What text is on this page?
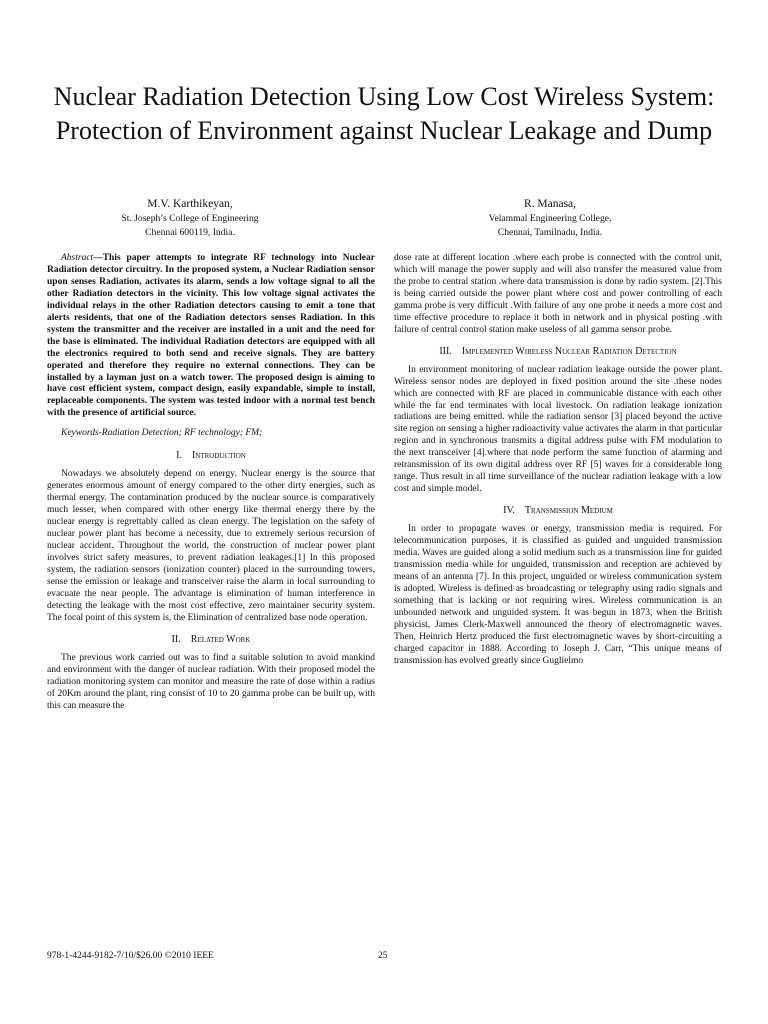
Nuclear Radiation Detection Using Low Cost Wireless System: Protection of Environment against Nuclear Leakage and Dump
M.V. Karthikeyan,
St. Joseph’s College of Engineering
Chennai 600119, India.
R. Manasa,
Velammal Engineering College,
Chennai, Tamilnadu, India.

Abstract—This paper attempts to integrate RF technology into Nuclear Radiation detector circuitry. In the proposed system, a Nuclear Radiation sensor upon senses Radiation, activates its alarm, sends a low voltage signal to all the other Radiation detectors in the vicinity. This low voltage signal activates the individual relays in the other Radiation detectors causing to emit a tone that alerts residents, that one of the Radiation detectors senses Radiation. In this system the transmitter and the receiver are installed in a unit and the need for the base is eliminated. The individual Radiation detectors are equipped with all the electronics required to both send and receive signals. They are battery operated and therefore they require no external connections. They can be installed by a layman just on a watch tower. The proposed design is aiming to have cost efficient system, compact design, easily expandable, simple to install, replaceable components. The system was tested indoor with a normal test bench with the presence of artificial source.

Keywords-Radiation Detection; RF technology; FM;

I. Introduction

Nowadays we absolutely depend on energy. Nuclear energy is the source that generates enormous amount of energy compared to the other dirty energies, such as thermal energy. The contamination produced by the nuclear source is comparatively much lesser, when compared with other energy like thermal energy there by the nuclear energy is regrettably called as clean energy. The legislation on the safety of nuclear power plant has become a necessity, due to extremely serious recursion of nuclear accident. Throughout the world, the construction of nuclear power plant involves strict safety measures, to prevent radiation leakages.[1] In this proposed system, the radiation sensors (ionization counter) placed in the surrounding towers, sense the emission or leakage and transceiver raise the alarm in local surrounding to evacuate the near people. The advantage is elimination of human interference in detecting the leakage with the most cost effective, zero maintainer security system. The focal point of this system is, the Elimination of centralized base node operation.

II. Related Work

The previous work carried out was to find a suitable solution to avoid mankind and environment with the danger of nuclear radiation. With their proposed model the radiation monitoring system can monitor and measure the rate of dose within a radius of 20Km around the plant, ring consist of 10 to 20 gamma probe can be built up, with this can measure the

dose rate at different location .where each probe is connected with the control unit, which will manage the power supply and will also transfer the measured value from the probe to central station .where data transmission is done by radio system. [2].This is being carried outside the power plant where cost and power controlling of each gamma probe is very difficult .With failure of any one probe it needs a more cost and time effective procedure to replace it both in network and in physical posting .with failure of central control station make useless of all gamma sensor probe.

III. Implemented Wireless Nuclear Radiation Detection

In environment monitoring of nuclear radiation leakage outside the power plant. Wireless sensor nodes are deployed in fixed position around the site .these nodes which are connected with RF are placed in communicable distance with each other while the far end terminates with local livestock. On radiation leakage ionization radiations are being emitted. while the radiation sensor [3] placed beyond the active site region on sensing a higher radioactivity value activates the alarm in that particular region and in synchronous transmits a digital address pulse with FM modulation to the next transceiver [4].where that node perform the same function of alarming and retransmission of its own digital address over RF [5] waves for a considerable long range. Thus result in all time surveillance of the nuclear radiation leakage with a low cost and simple model.

IV. Transmission Medium

In order to propagate waves or energy, transmission media is required. For telecommunication purposes, it is classified as guided and unguided transmission media. Waves are guided along a solid medium such as a transmission line for guided transmission media while for unguided, transmission and reception are achieved by means of an antenna [7]. In this project, unguided or wireless communication system is adopted. Wireless is defined as broadcasting or telegraphy using radio signals and something that is lacking or not requiring wires. Wireless communication is an unbounded network and unguided system. It was begun in 1873, when the British physicist, James Clerk-Maxwell announced the theory of electromagnetic waves. Then, Heinrich Hertz produced the first electromagnetic waves by short-circuiting a charged capacitor in 1888. According to Joseph J. Carr, “This unique means of transmission has evolved greatly since Guglielmo

978-1-4244-9182-7/10/$26.00 ©2010 IEEE	25
